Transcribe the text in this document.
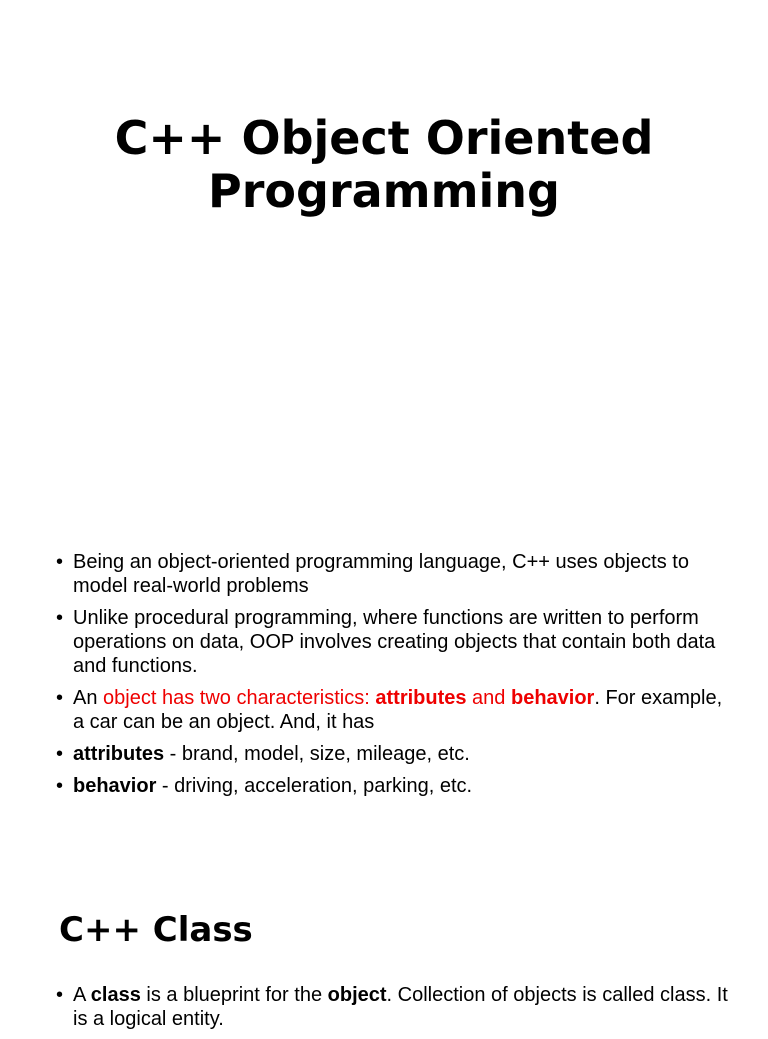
C++ Object Oriented
Programming
• Being an object-oriented programming language, C++ uses objects to model real-world problems
• Unlike procedural programming, where functions are written to perform operations on data, OOP involves creating objects that contain both data and functions.
• An object has two characteristics: attributes and behavior. For example, a car can be an object. And, it has
• attributes - brand, model, size, mileage, etc.
• behavior - driving, acceleration, parking, etc.
C++ Class
• A class is a blueprint for the object. Collection of objects is called class. It is a logical entity.
